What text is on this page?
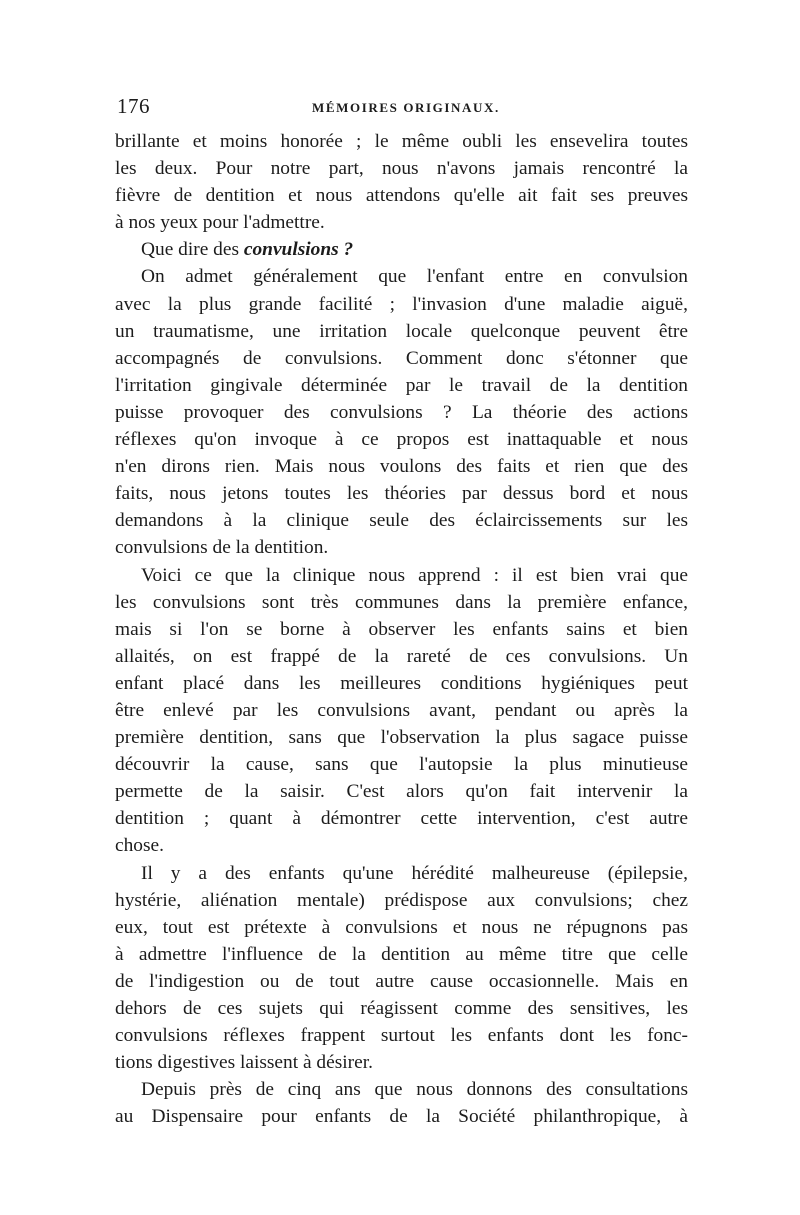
176	MÉMOIRES ORIGINAUX.
brillante et moins honorée ; le même oubli les ensevelira toutes
les deux. Pour notre part, nous n'avons jamais rencontré la
fièvre de dentition et nous attendons qu'elle ait fait ses preuves
à nos yeux pour l'admettre.
Que dire des convulsions ?
On admet généralement que l'enfant entre en convulsion
avec la plus grande facilité ; l'invasion d'une maladie aiguë,
un traumatisme, une irritation locale quelconque peuvent être
accompagnés de convulsions. Comment donc s'étonner que
l'irritation gingivale déterminée par le travail de la dentition
puisse provoquer des convulsions ? La théorie des actions
réflexes qu'on invoque à ce propos est inattaquable et nous
n'en dirons rien. Mais nous voulons des faits et rien que des
faits, nous jetons toutes les théories par dessus bord et nous
demandons à la clinique seule des éclaircissements sur les
convulsions de la dentition.
Voici ce que la clinique nous apprend : il est bien vrai que
les convulsions sont très communes dans la première enfance,
mais si l'on se borne à observer les enfants sains et bien
allaités, on est frappé de la rareté de ces convulsions. Un
enfant placé dans les meilleures conditions hygiéniques peut
être enlevé par les convulsions avant, pendant ou après la
première dentition, sans que l'observation la plus sagace puisse
découvrir la cause, sans que l'autopsie la plus minutieuse
permette de la saisir. C'est alors qu'on fait intervenir la
dentition ; quant à démontrer cette intervention, c'est autre
chose.
Il y a des enfants qu'une hérédité malheureuse (épilepsie,
hystérie, aliénation mentale) prédispose aux convulsions; chez
eux, tout est prétexte à convulsions et nous ne répugnons pas
à admettre l'influence de la dentition au même titre que celle
de l'indigestion ou de tout autre cause occasionnelle. Mais en
dehors de ces sujets qui réagissent comme des sensitives, les
convulsions réflexes frappent surtout les enfants dont les fonc-
tions digestives laissent à désirer.
Depuis près de cinq ans que nous donnons des consultations
au Dispensaire pour enfants de la Société philanthropique, à
